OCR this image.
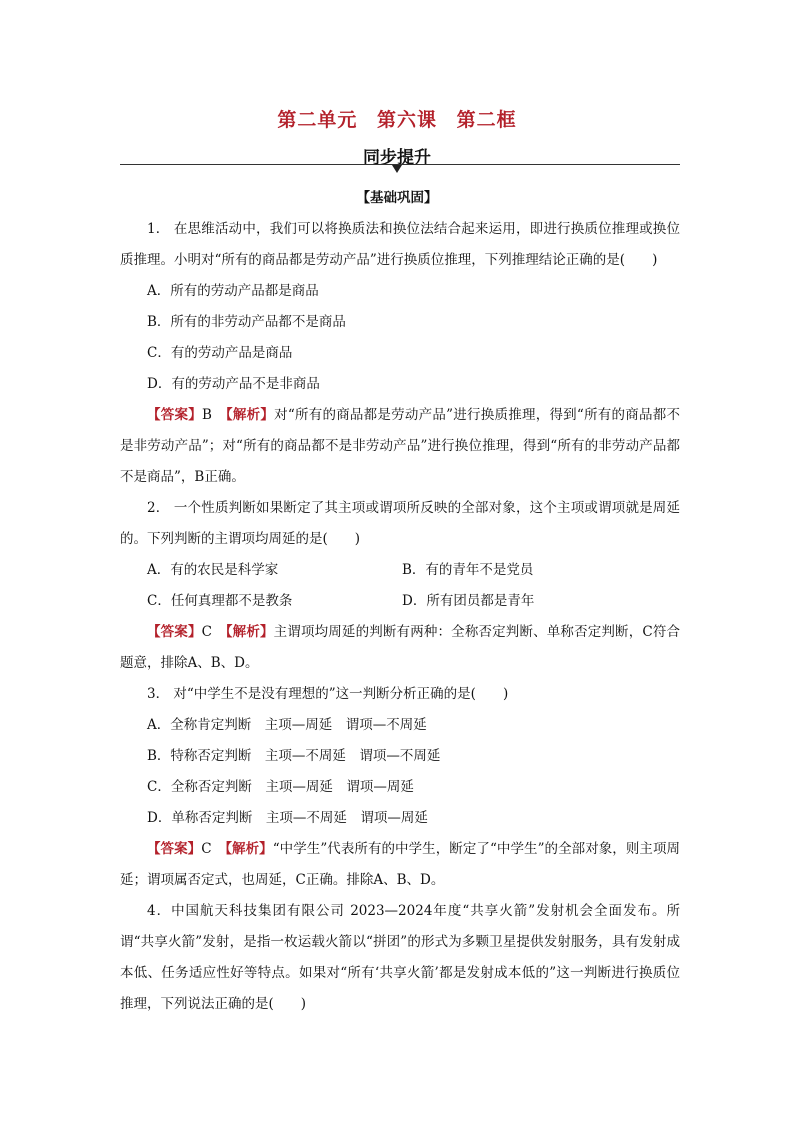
第二单元 第六课 第二框
同步提升
【基础巩固】

1． 在思维活动中，我们可以将换质法和换位法结合起来运用，即进行换质位推理或换位质推理。小明对“所有的商品都是劳动产品”进行换质位推理，下列推理结论正确的是(　　)

A．所有的劳动产品都是商品

B．所有的非劳动产品都不是商品

C．有的劳动产品是商品

D．有的劳动产品不是非商品

【答案】B　 【解析】对“所有的商品都是劳动产品”进行换质推理，得到“所有的商品都不是非劳动产品”；对“所有的商品都不是非劳动产品”进行换位推理，得到“所有的非劳动产品都不是商品”，B正确。

2． 一个性质判断如果断定了其主项或谓项所反映的全部对象，这个主项或谓项就是周延的。下列判断的主谓项均周延的是(　　)

A．有的农民是科学家	B．有的青年不是党员
C．任何真理都不是教条	D．所有团员都是青年

【答案】C　 【解析】主谓项均周延的判断有两种：全称否定判断、单称否定判断，C符合题意，排除A、B、D。

3． 对“中学生不是没有理想的”这一判断分析正确的是(　　)

A．全称肯定判断　主项—周延　谓项—不周延

B．特称否定判断　主项—不周延　谓项—不周延

C．全称否定判断　主项—周延　谓项—周延

D．单称否定判断　主项—不周延　谓项—周延

【答案】C　 【解析】“中学生”代表所有的中学生，断定了“中学生”的全部对象，则主项周延；谓项属否定式，也周延，C正确。排除A、B、D。

4．中国航天科技集团有限公司 2023—2024年度“共享火箭”发射机会全面发布。所谓“共享火箭”发射，是指一枚运载火箭以“拼团”的形式为多颗卫星提供发射服务，具有发射成本低、任务适应性好等特点。如果对“所有‘共享火箭’都是发射成本低的”这一判断进行换质位推理，下列说法正确的是(　　)
